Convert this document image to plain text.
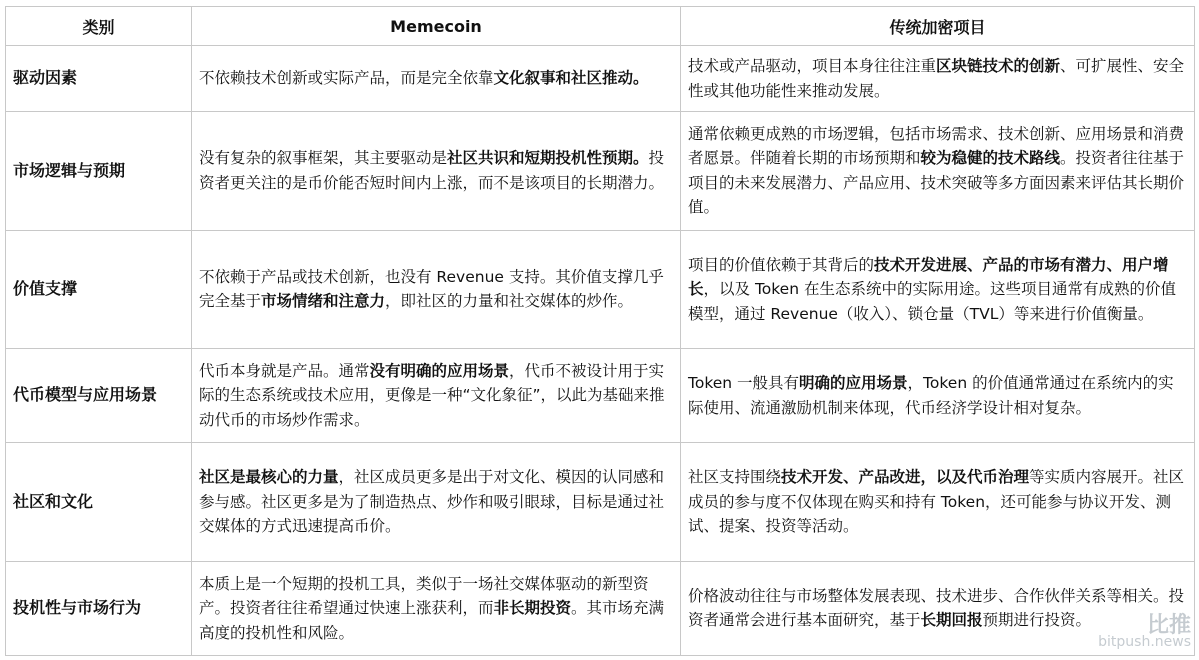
类别	Memecoin	传统加密项目
驱动因素	不依赖技术创新或实际产品，而是完全依靠文化叙事和社区推动。	技术或产品驱动，项目本身往往注重区块链技术的创新、可扩展性、安全性或其他功能性来推动发展。
市场逻辑与预期	没有复杂的叙事框架，其主要驱动是社区共识和短期投机性预期。投资者更关注的是币价能否短时间内上涨，而不是该项目的长期潜力。	通常依赖更成熟的市场逻辑，包括市场需求、技术创新、应用场景和消费者愿景。伴随着长期的市场预期和较为稳健的技术路线。投资者往往基于项目的未来发展潜力、产品应用、技术突破等多方面因素来评估其长期价值。
价值支撑	不依赖于产品或技术创新，也没有 Revenue 支持。其价值支撑几乎完全基于市场情绪和注意力，即社区的力量和社交媒体的炒作。	项目的价值依赖于其背后的技术开发进展、产品的市场有潜力、用户增长，以及 Token 在生态系统中的实际用途。这些项目通常有成熟的价值模型，通过 Revenue（收入）、锁仓量（TVL）等来进行价值衡量。
代币模型与应用场景	代币本身就是产品。通常没有明确的应用场景，代币不被设计用于实际的生态系统或技术应用，更像是一种“文化象征”，以此为基础来推动代币的市场炒作需求。	Token 一般具有明确的应用场景，Token 的价值通常通过在系统内的实际使用、流通激励机制来体现，代币经济学设计相对复杂。
社区和文化	社区是最核心的力量，社区成员更多是出于对文化、模因的认同感和参与感。社区更多是为了制造热点、炒作和吸引眼球，目标是通过社交媒体的方式迅速提高币价。	社区支持围绕技术开发、产品改进，以及代币治理等实质内容展开。社区成员的参与度不仅体现在购买和持有 Token，还可能参与协议开发、测试、提案、投资等活动。
投机性与市场行为	本质上是一个短期的投机工具，类似于一场社交媒体驱动的新型资产。投资者往往希望通过快速上涨获利，而非长期投资。其市场充满高度的投机性和风险。	价格波动往往与市场整体发展表现、技术进步、合作伙伴关系等相关。投资者通常会进行基本面研究，基于长期回报预期进行投资。	比推
bitpush.news
